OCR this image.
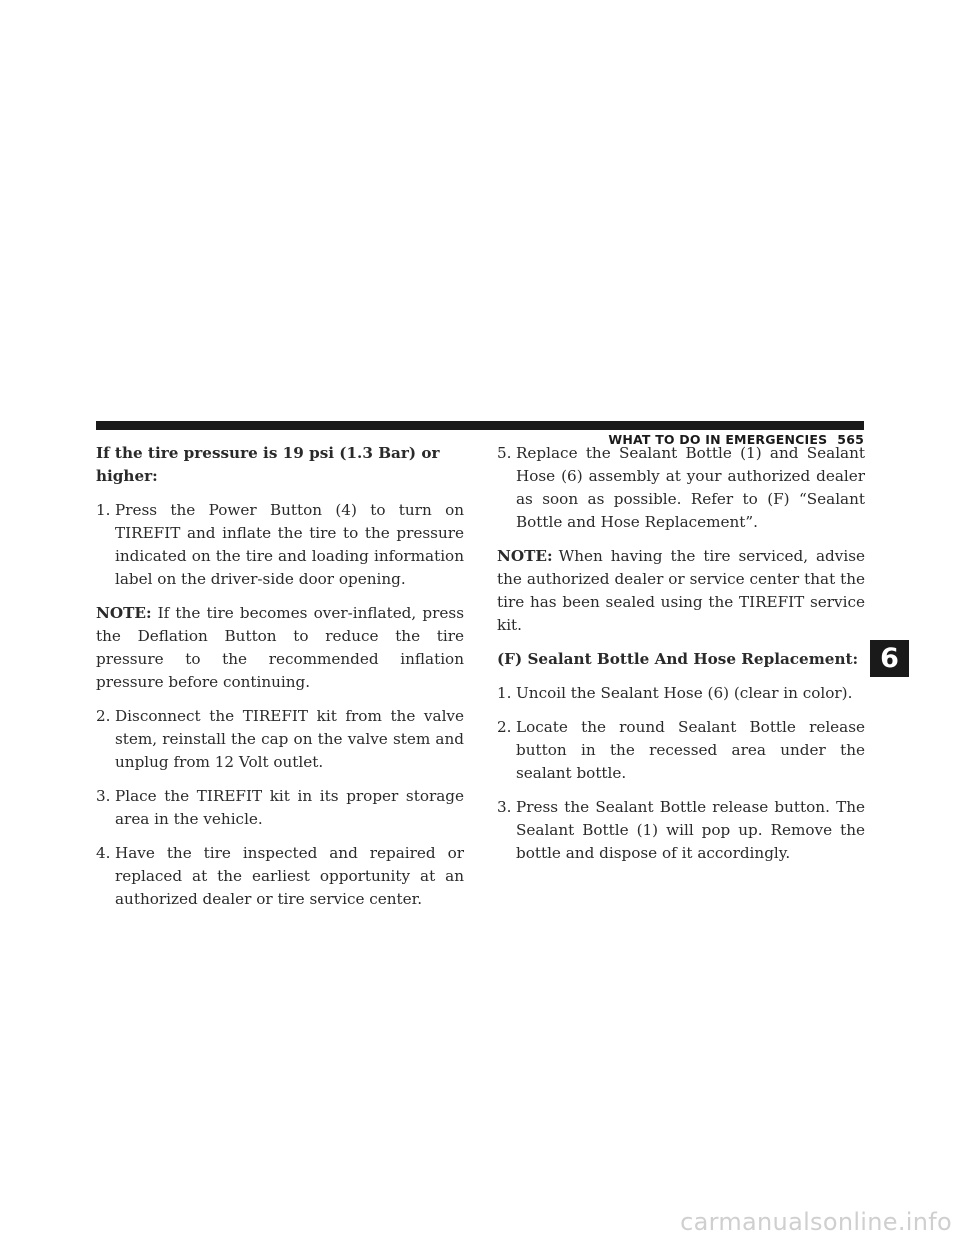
WHAT TO DO IN EMERGENCIES 565
If the tire pressure is 19 psi (1.3 Bar) or higher:
1. Press the Power Button (4) to turn on TIREFIT and inflate the tire to the pressure indicated on the tire and loading information label on the driver-side door opening.
NOTE: If the tire becomes over-inflated, press the Deflation Button to reduce the tire pressure to the recommended inflation pressure before continuing.
2. Disconnect the TIREFIT kit from the valve stem, reinstall the cap on the valve stem and unplug from 12 Volt outlet.
3. Place the TIREFIT kit in its proper storage area in the vehicle.
4. Have the tire inspected and repaired or replaced at the earliest opportunity at an authorized dealer or tire service center.
5. Replace the Sealant Bottle (1) and Sealant Hose (6) assembly at your authorized dealer as soon as possible. Refer to (F) “Sealant Bottle and Hose Replacement”.
NOTE: When having the tire serviced, advise the authorized dealer or service center that the tire has been sealed using the TIREFIT service kit.
(F) Sealant Bottle And Hose Replacement:
1. Uncoil the Sealant Hose (6) (clear in color).
2. Locate the round Sealant Bottle release button in the recessed area under the sealant bottle.
3. Press the Sealant Bottle release button. The Sealant Bottle (1) will pop up. Remove the bottle and dispose of it accordingly.
6
carmanualsonline.info
